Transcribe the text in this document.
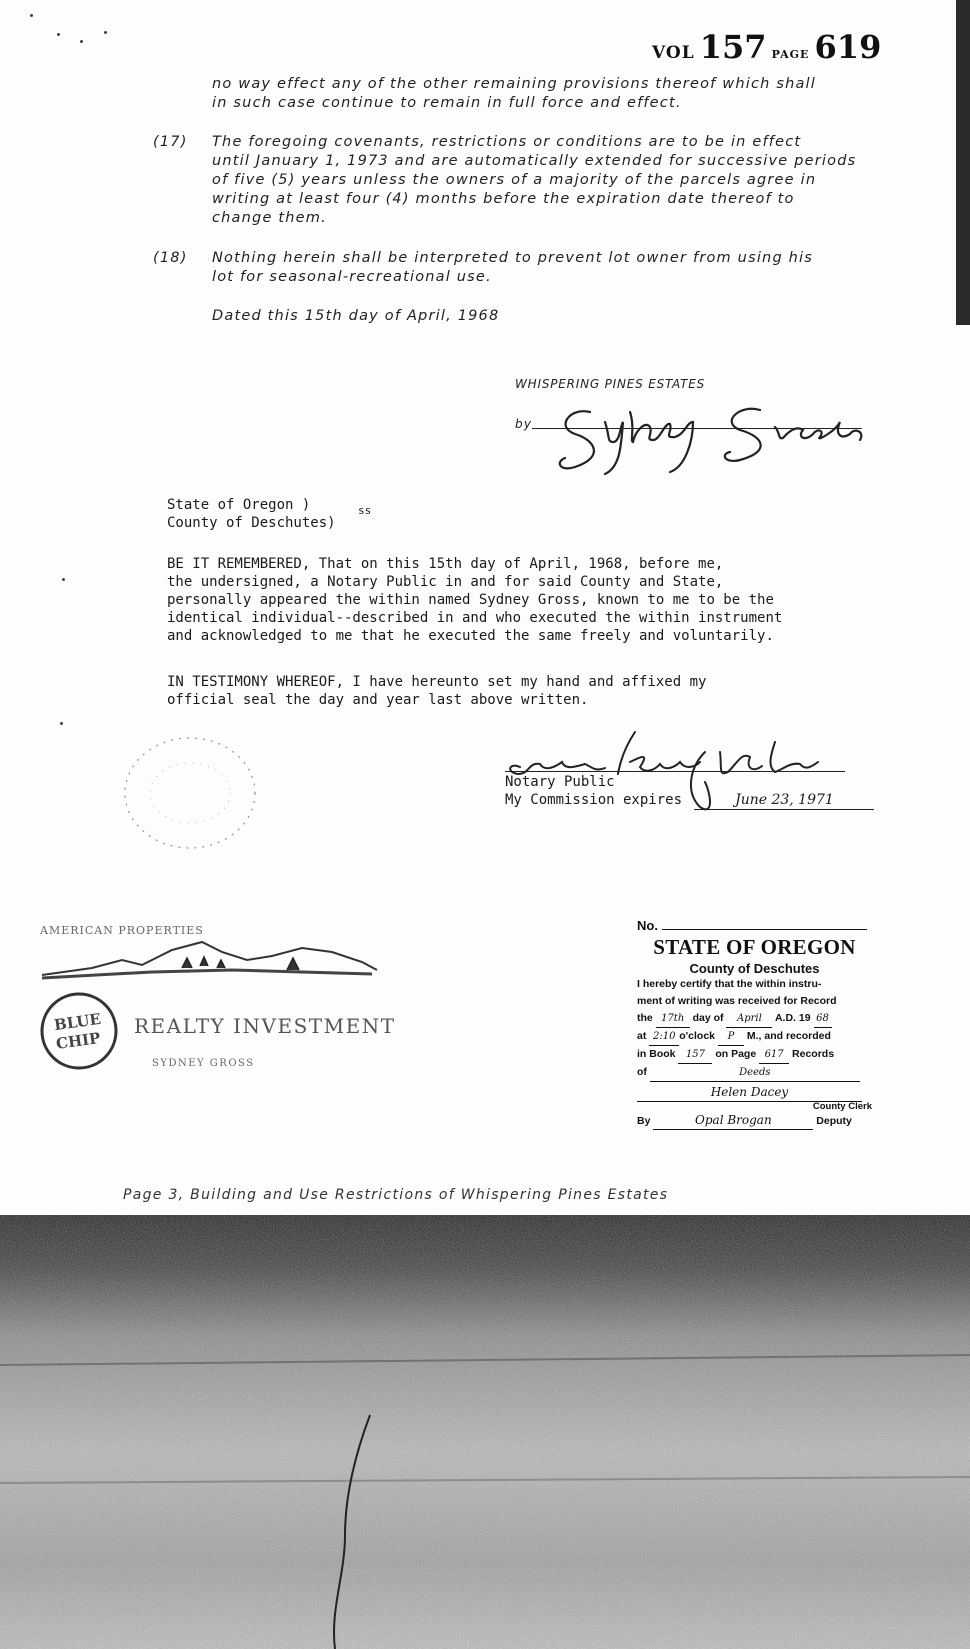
VOL 157 PAGE 619
no way effect any of the other remaining provisions thereof which shall
in such case continue to remain in full force and effect.
(17) The foregoing covenants, restrictions or conditions are to be in effect
until January 1, 1973 and are automatically extended for successive periods
of five (5) years unless the owners of a majority of the parcels agree in
writing at least four (4) months before the expiration date thereof to
change them.
(18) Nothing herein shall be interpreted to prevent lot owner from using his
lot for seasonal-recreational use.
Dated this 15th day of April, 1968
WHISPERING PINES ESTATES
by
State of Oregon )	ss
County of Deschutes)
BE IT REMEMBERED, That on this 15th day of April, 1968, before me,
the undersigned, a Notary Public in and for said County and State,
personally appeared the within named Sydney Gross, known to me to be the
identical individual--described in and who executed the within instrument
and acknowledged to me that he executed the same freely and voluntarily.
IN TESTIMONY WHEREOF, I have hereunto set my hand and affixed my
official seal the day and year last above written.
Notary Public
My Commission expires	June 23, 1971
AMERICAN PROPERTIES
BLUE
CHIP
REALTY INVESTMENT
SYDNEY GROSS
No.
STATE OF OREGON
County of Deschutes
I hereby certify that the within instru-
ment of writing was received for Record
the 17th day of April A.D. 19 68
at 2:10 o'clock P M., and recorded
in Book 157 on Page 617 Records
of	Deeds
Helen Dacey
County Clerk
By	Opal Brogan	Deputy
Page 3, Building and Use Restrictions of Whispering Pines Estates
